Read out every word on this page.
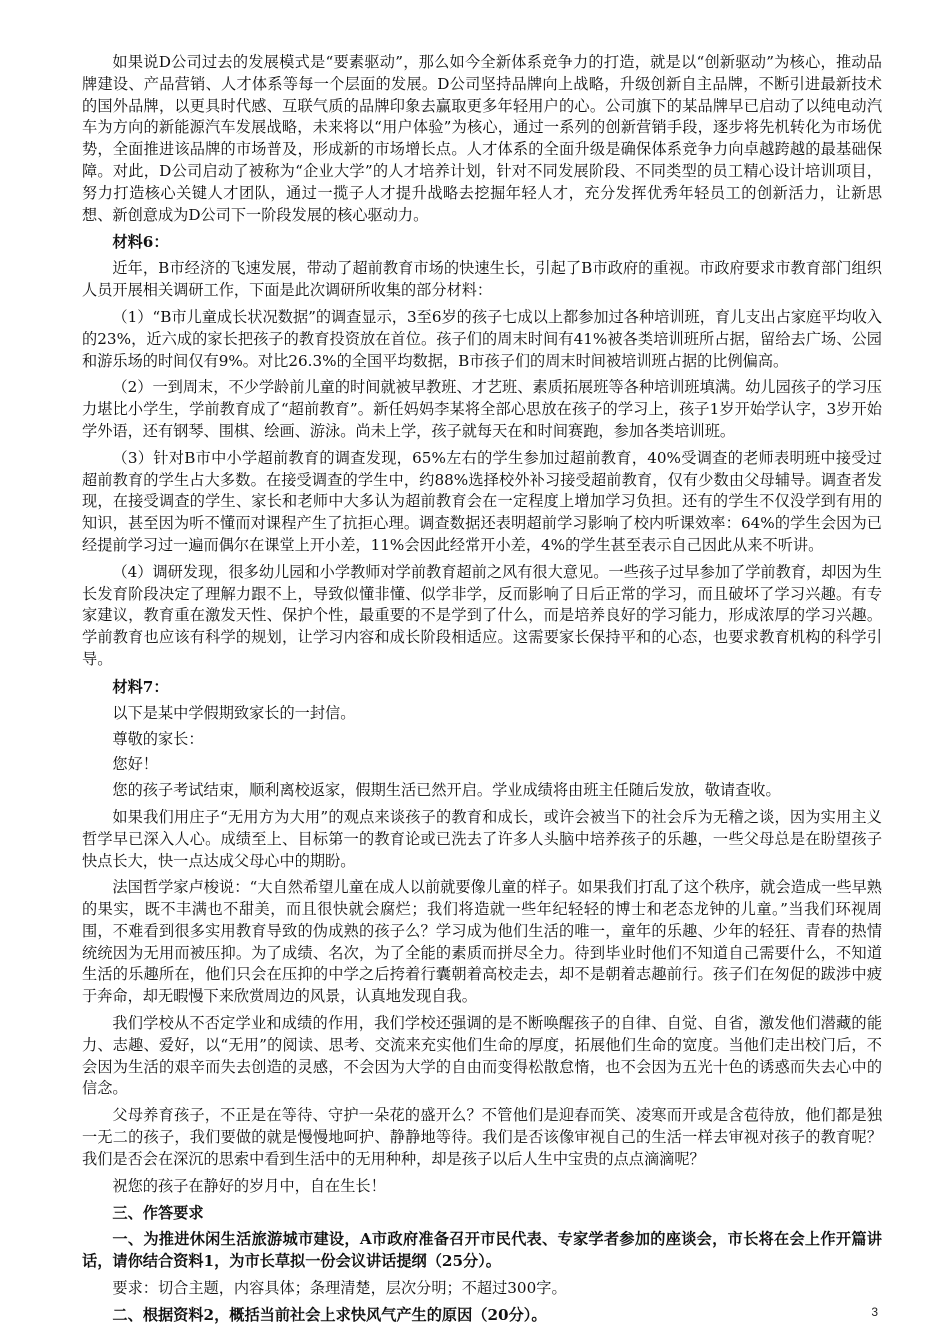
如果说D公司过去的发展模式是“要素驱动”，那么如今全新体系竞争力的打造，就是以“创新驱动”为核心，推动品牌建设、产品营销、人才体系等每一个层面的发展。D公司坚持品牌向上战略，升级创新自主品牌，不断引进最新技术的国外品牌，以更具时代感、互联气质的品牌印象去赢取更多年轻用户的心。公司旗下的某品牌早已启动了以纯电动汽车为方向的新能源汽车发展战略，未来将以“用户体验”为核心，通过一系列的创新营销手段，逐步将先机转化为市场优势，全面推进该品牌的市场普及，形成新的市场增长点。人才体系的全面升级是确保体系竞争力向卓越跨越的最基础保障。对此，D公司启动了被称为“企业大学”的人才培养计划，针对不同发展阶段、不同类型的员工精心设计培训项目，努力打造核心关键人才团队，通过一揽子人才提升战略去挖掘年轻人才，充分发挥优秀年轻员工的创新活力，让新思想、新创意成为D公司下一阶段发展的核心驱动力。

材料6：

近年，B市经济的飞速发展，带动了超前教育市场的快速生长，引起了B市政府的重视。市政府要求市教育部门组织人员开展相关调研工作，下面是此次调研所收集的部分材料：

（1）“B市儿童成长状况数据”的调查显示，3至6岁的孩子七成以上都参加过各种培训班，育儿支出占家庭平均收入的23%，近六成的家长把孩子的教育投资放在首位。孩子们的周末时间有41%被各类培训班所占据，留给去广场、公园和游乐场的时间仅有9%。对比26.3%的全国平均数据，B市孩子们的周末时间被培训班占据的比例偏高。

（2）一到周末，不少学龄前儿童的时间就被早教班、才艺班、素质拓展班等各种培训班填满。幼儿园孩子的学习压力堪比小学生，学前教育成了“超前教育”。新任妈妈李某将全部心思放在孩子的学习上，孩子1岁开始学认字，3岁开始学外语，还有钢琴、围棋、绘画、游泳。尚未上学，孩子就每天在和时间赛跑，参加各类培训班。

（3）针对B市中小学超前教育的调查发现，65%左右的学生参加过超前教育，40%受调查的老师表明班中接受过超前教育的学生占大多数。在接受调查的学生中，约88%选择校外补习接受超前教育，仅有少数由父母辅导。调查者发现，在接受调查的学生、家长和老师中大多认为超前教育会在一定程度上增加学习负担。还有的学生不仅没学到有用的知识，甚至因为听不懂而对课程产生了抗拒心理。调查数据还表明超前学习影响了校内听课效率：64%的学生会因为已经提前学习过一遍而偶尔在课堂上开小差，11%会因此经常开小差，4%的学生甚至表示自己因此从来不听讲。

（4）调研发现，很多幼儿园和小学教师对学前教育超前之风有很大意见。一些孩子过早参加了学前教育，却因为生长发育阶段决定了理解力跟不上，导致似懂非懂、似学非学，反而影响了日后正常的学习，而且破坏了学习兴趣。有专家建议，教育重在激发天性、保护个性，最重要的不是学到了什么，而是培养良好的学习能力，形成浓厚的学习兴趣。学前教育也应该有科学的规划，让学习内容和成长阶段相适应。这需要家长保持平和的心态，也要求教育机构的科学引导。

材料7：

以下是某中学假期致家长的一封信。

尊敬的家长：

您好！

您的孩子考试结束，顺利离校返家，假期生活已然开启。学业成绩将由班主任随后发放，敬请查收。

如果我们用庄子“无用方为大用”的观点来谈孩子的教育和成长，或许会被当下的社会斥为无稽之谈，因为实用主义哲学早已深入人心。成绩至上、目标第一的教育论或已洗去了许多人头脑中培养孩子的乐趣，一些父母总是在盼望孩子快点长大，快一点达成父母心中的期盼。

法国哲学家卢梭说：“大自然希望儿童在成人以前就要像儿童的样子。如果我们打乱了这个秩序，就会造成一些早熟的果实，既不丰满也不甜美，而且很快就会腐烂；我们将造就一些年纪轻轻的博士和老态龙钟的儿童。”当我们环视周围，不难看到很多实用教育导致的伪成熟的孩子么？学习成为他们生活的唯一，童年的乐趣、少年的轻狂、青春的热情统统因为无用而被压抑。为了成绩、名次，为了全能的素质而拼尽全力。待到毕业时他们不知道自己需要什么，不知道生活的乐趣所在，他们只会在压抑的中学之后挎着行囊朝着高校走去，却不是朝着志趣前行。孩子们在匆促的跋涉中疲于奔命，却无暇慢下来欣赏周边的风景，认真地发现自我。

我们学校从不否定学业和成绩的作用，我们学校还强调的是不断唤醒孩子的自律、自觉、自省，激发他们潜藏的能力、志趣、爱好，以“无用”的阅读、思考、交流来充实他们生命的厚度，拓展他们生命的宽度。当他们走出校门后，不会因为生活的艰辛而失去创造的灵感，不会因为大学的自由而变得松散怠惰，也不会因为五光十色的诱惑而失去心中的信念。

父母养育孩子，不正是在等待、守护一朵花的盛开么？不管他们是迎春而笑、凌寒而开或是含苞待放，他们都是独一无二的孩子，我们要做的就是慢慢地呵护、静静地等待。我们是否该像审视自己的生活一样去审视对孩子的教育呢？我们是否会在深沉的思索中看到生活中的无用种种，却是孩子以后人生中宝贵的点点滴滴呢？

祝您的孩子在静好的岁月中，自在生长！

三、作答要求

一、为推进休闲生活旅游城市建设，A市政府准备召开市民代表、专家学者参加的座谈会，市长将在会上作开篇讲话，请你结合资料1，为市长草拟一份会议讲话提纲（25分）。

要求：切合主题，内容具体；条理清楚，层次分明；不超过300字。

二、根据资料2，概括当前社会上求快风气产生的原因（20分）。	3
